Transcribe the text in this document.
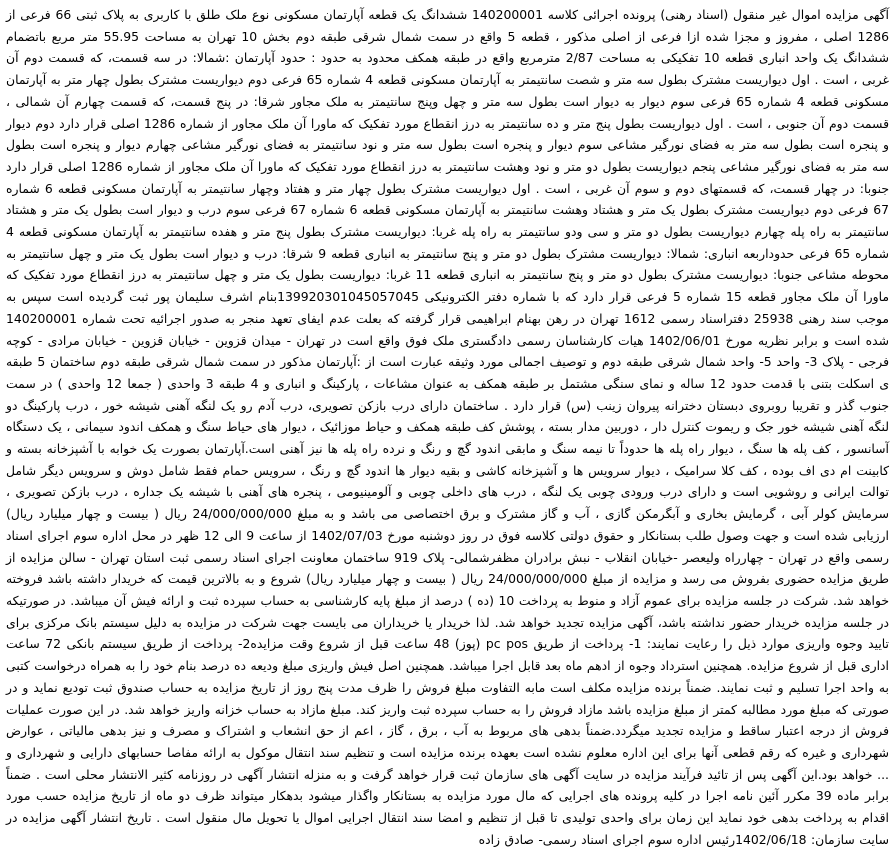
آگهی مزایده اموال غیر منقول (اسناد رهنی) پرونده اجرائی کلاسه 140200001 ششدانگ یک قطعه آپارتمان مسکونی نوع ملک طلق با کاربری به پلاک ثبتی 66 فرعی از 1286 اصلی ، مفروز و مجزا شده ازا فرعی از اصلی مذکور ، قطعه 5 واقع در سمت شمال شرقی طبقه دوم بخش 10 تهران به مساحت 55.95 متر مربع باتضمام ششدانگ یک واحد انباری قطعه 10 تفکیکی به مساحت 2/87 مترمربع واقع در طبقه همکف محدود به حدود : حدود آپارتمان :شمالا: در سه قسمت، که قسمت دوم آن غربی ، است . اول دیواریست مشترک بطول سه متر و شصت سانتیمتر به آپارتمان مسکونی قطعه 4 شماره 65 فرعی دوم دیواریست مشترک بطول چهار متر به آپارتمان مسکونی قطعه 4 شماره 65 فرعی سوم دیوار به دیوار است بطول سه متر و چهل وپنج سانتیمتر به ملک مجاور شرقا: در پنج قسمت، که قسمت چهارم آن شمالی ، قسمت دوم آن جنوبی ، است . اول دیواریست بطول پنج متر و ده سانتیمتر به درز انقطاع مورد تفکیک که ماورا آن ملک مجاور از شماره 1286 اصلی قرار دارد دوم دیوار و پنجره است بطول سه متر به فضای نورگیر مشاعی سوم دیوار و پنجره است بطول سه متر و نود سانتیمتر به فضای نورگیر مشاعی چهارم دیوار و پنجره است بطول سه متر به فضای نورگیر مشاعی پنجم دیواریست بطول دو متر و نود وهشت سانتیمتر به درز انقطاع مورد تفکیک که ماورا آن ملک مجاور از شماره 1286 اصلی قرار دارد جنوبا: در چهار قسمت، که قسمتهای دوم و سوم آن غربی ، است . اول دیواریست مشترک بطول چهار متر و هفتاد وچهار سانتیمتر به آپارتمان مسکونی قطعه 6 شماره 67 فرعی دوم دیواریست مشترک بطول یک متر و هشتاد وهشت سانتیمتر به آپارتمان مسکونی قطعه 6 شماره 67 فرعی سوم درب و دیوار است بطول یک متر و هشتاد سانتیمتر به راه پله چهارم دیواریست بطول دو متر و سی ودو سانتیمتر به راه پله غربا: دیواریست مشترک بطول پنج متر و هفده سانتیمتر به آپارتمان مسکونی قطعه 4 شماره 65 فرعی حدوداربعه انباری: شمالا: دیواریست مشترک بطول دو متر و پنج سانتیمتر به انباری قطعه 9 شرقا: درب و دیوار است بطول یک متر و چهل سانتیمتر به محوطه مشاعی جنوبا: دیواریست مشترک بطول دو متر و پنج سانتیمتر به انباری قطعه 11 غربا: دیواریست بطول یک متر و چهل سانتیمتر به درز انقطاع مورد تفکیک که ماورا آن ملک مجاور قطعه 15 شماره 5 فرعی قرار دارد که با شماره دفتر الکترونیکی 139920301045057045بنام اشرف سلیمان پور ثبت گردیده است سپس به موجب سند رهنی 25938 دفتراسناد رسمی 1612 تهران در رهن بهنام ابراهیمی قرار گرفته که بعلت عدم ایفای تعهد منجر به صدور اجرائیه تحت شماره 140200001 شده است و برابر نظریه مورخ 1402/06/01 هیات کارشناسان رسمی دادگستری ملک فوق واقع است در تهران - میدان قزوین - خیابان قزوین - خیابان مرادی - کوچه فرجی - پلاک 3- واحد 5- واحد شمال شرقی طبقه دوم و توصیف اجمالی مورد وثیقه عبارت است از :آپارتمان مذکور در سمت شمال شرقی طبقه دوم ساختمان 5 طبقه ی اسکلت بتنی با قدمت حدود 12 ساله و نمای سنگی مشتمل بر طبقه همکف به عنوان مشاعات ، پارکینگ و انباری و 4 طبقه 3 واحدی ( جمعا 12 واحدی ) در سمت جنوب گذر و تقریبا روبروی دبستان دخترانه پیروان زینب (س) قرار دارد . ساختمان دارای درب بازکن تصویری، درب آدم رو یک لنگه آهنی شیشه خور ، درب پارکینگ دو لنگه آهنی شیشه خور جک و ریموت کنترل دار ، دوربین مدار بسته ، پوشش کف طبقه همکف و حیاط موزائیک ، دیوار های حیاط سنگ و همکف اندود سیمانی ، یک دستگاه آسانسور ، کف پله ها سنگ ، دیوار راه پله ها حدوداً تا نیمه سنگ و مابقی اندود گچ و رنگ و نرده راه پله ها نیز آهنی است.آپارتمان بصورت یک خوابه با آشپزخانه بسته و کابینت ام دی اف بوده ، کف کلا سرامیک ، دیوار سرویس ها و آشپزخانه کاشی و بقیه دیوار ها اندود گچ و رنگ ، سرویس حمام فقط شامل دوش و سرویس دیگر شامل توالت ایرانی و روشویی است و دارای درب ورودی چوبی یک لنگه ، درب های داخلی چوبی و آلومینیومی ، پنجره های آهنی با شیشه یک جداره ، درب بازکن تصویری ، سرمایش کولر آبی ، گرمایش بخاری و آبگرمکن گازی ، آب و گاز مشترک و برق اختصاصی می باشد و به مبلغ 24/000/000/000 ریال ( بیست و چهار میلیارد ریال) ارزیابی شده است و جهت وصول طلب بستانکار و حقوق دولتی کلاسه فوق در روز دوشنبه مورخ 1402/07/03 از ساعت 9 الی 12 ظهر در محل اداره سوم اجرای اسناد رسمی واقع در تهران - چهارراه ولیعصر -خیابان انقلاب - نبش برادران مظفرشمالی- پلاک 919 ساختمان معاونت اجرای اسناد رسمی ثبت استان تهران - سالن مزایده از طریق مزایده حضوری بفروش می رسد و مزایده از مبلغ 24/000/000/000 ریال ( بیست و چهار میلیارد ریال) شروع و به بالاترین قیمت که خریدار داشته باشد فروخته خواهد شد. شرکت در جلسه مزایده برای عموم آزاد و منوط به پرداخت 10 (ده ) درصد از مبلغ پایه کارشناسی به حساب سپرده ثبت و ارائه فیش آن میباشد. در صورتیکه در جلسه مزایده خریدار حضور نداشته باشد، آگهی مزایده تجدید خواهد شد. لذا خریدار یا خریداران می بایست جهت شرکت در مزایده به دلیل سیستم بانک مرکزی برای تایید وجوه واریزی موارد ذیل را رعایت نمایند: 1- پرداخت از طریق pc pos (پوز) 48 ساعت قبل از شروع وقت مزایده2- پرداخت از طریق سیستم بانکی 72 ساعت اداری قبل از شروع مزایده. همچنین استرداد وجوه از ادهم ماه بعد قابل اجرا میباشد. همچنین اصل فیش واریزی مبلغ ودیعه ده درصد بنام خود را به همراه درخواست کتبی به واحد اجرا تسلیم و ثبت نمایند. ضمناً برنده مزایده مکلف است مابه التفاوت مبلغ فروش را ظرف مدت پنج روز از تاریخ مزایده به حساب صندوق ثبت تودیع نماید و در صورتی که مبلغ مورد مطالبه کمتر از مبلغ مزایده باشد مازاد فروش را به حساب سپرده ثبت واریز کند. مبلغ مازاد به حساب خزانه واریز خواهد شد. در این صورت عملیات فروش از درجه اعتبار ساقط و مزایده تجدید میگردد.ضمناً بدهی های مربوط به آب ، برق ، گاز ، اعم از حق انشعاب و اشتراک و مصرف و نیز بدهی مالیاتی ، عوارض شهرداری و غیره که رقم قطعی آنها برای این اداره معلوم نشده است بعهده برنده مزایده است و تنظیم سند انتقال موکول به ارائه مفاصا حسابهای دارایی و شهرداری و ... خواهد بود.این آگهی پس از تائید فرآیند مزایده در سایت آگهی های سازمان ثبت قرار خواهد گرفت و به منزله انتشار آگهی در روزنامه کثیر الانتشار محلی است . ضمناً برابر ماده 39 مکرر آئین نامه اجرا در کلیه پرونده های اجرایی که مال مورد مزایده به بستانکار واگذار میشود بدهکار میتواند ظرف دو ماه از تاریخ مزایده حسب مورد اقدام به پرداخت بدهی خود نماید این زمان برای واحدی تولیدی تا قبل از تنظیم و امضا سند انتقال اجرایی اموال یا تحویل مال منقول است . تاریخ انتشار آگهی مزایده در سایت سازمان: 1402/06/18رئیس اداره سوم اجرای اسناد رسمی- صادق زاده
